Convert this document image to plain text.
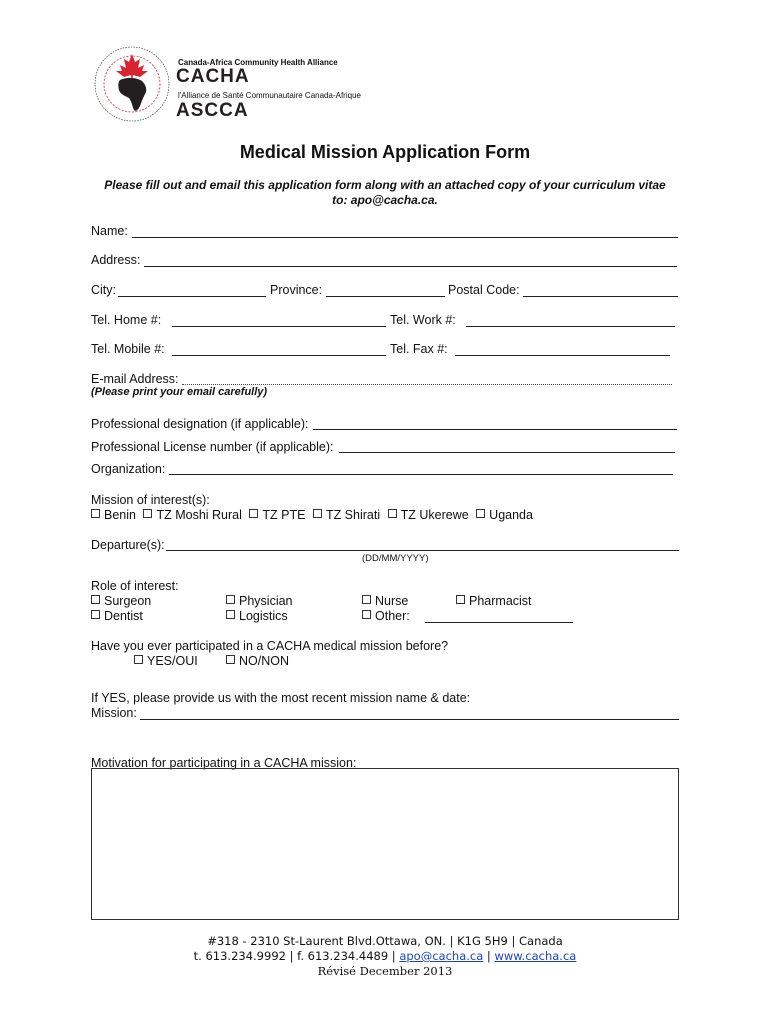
Canada-Africa Community Health Alliance
CACHA
l'Alliance de Santé Communautaire Canada-Afrique
ASCCA
Medical Mission Application Form
Please fill out and email this application form along with an attached copy of your curriculum vitae
to: apo@cacha.ca.
Name:
Address:
City:	Province:	Postal Code:
Tel. Home #:	Tel. Work #:
Tel. Mobile #:	Tel. Fax #:
E-mail Address:
(Please print your email carefully)
Professional designation (if applicable):
Professional License number (if applicable):
Organization:
Mission of interest(s):
Benin TZ Moshi Rural TZ PTE TZ Shirati TZ Ukerewe Uganda
Departure(s):
(DD/MM/YYYY)
Role of interest:
Surgeon	Physician	Nurse	Pharmacist
Dentist	Logistics	Other:
Have you ever participated in a CACHA medical mission before?
YES/OUI	NO/NON
If YES, please provide us with the most recent mission name & date:
Mission:
Motivation for participating in a CACHA mission:
#318 - 2310 St-Laurent Blvd.Ottawa, ON. | K1G 5H9 | Canada
t. 613.234.9992 | f. 613.234.4489 | apo@cacha.ca | www.cacha.ca
Révisé December 2013
